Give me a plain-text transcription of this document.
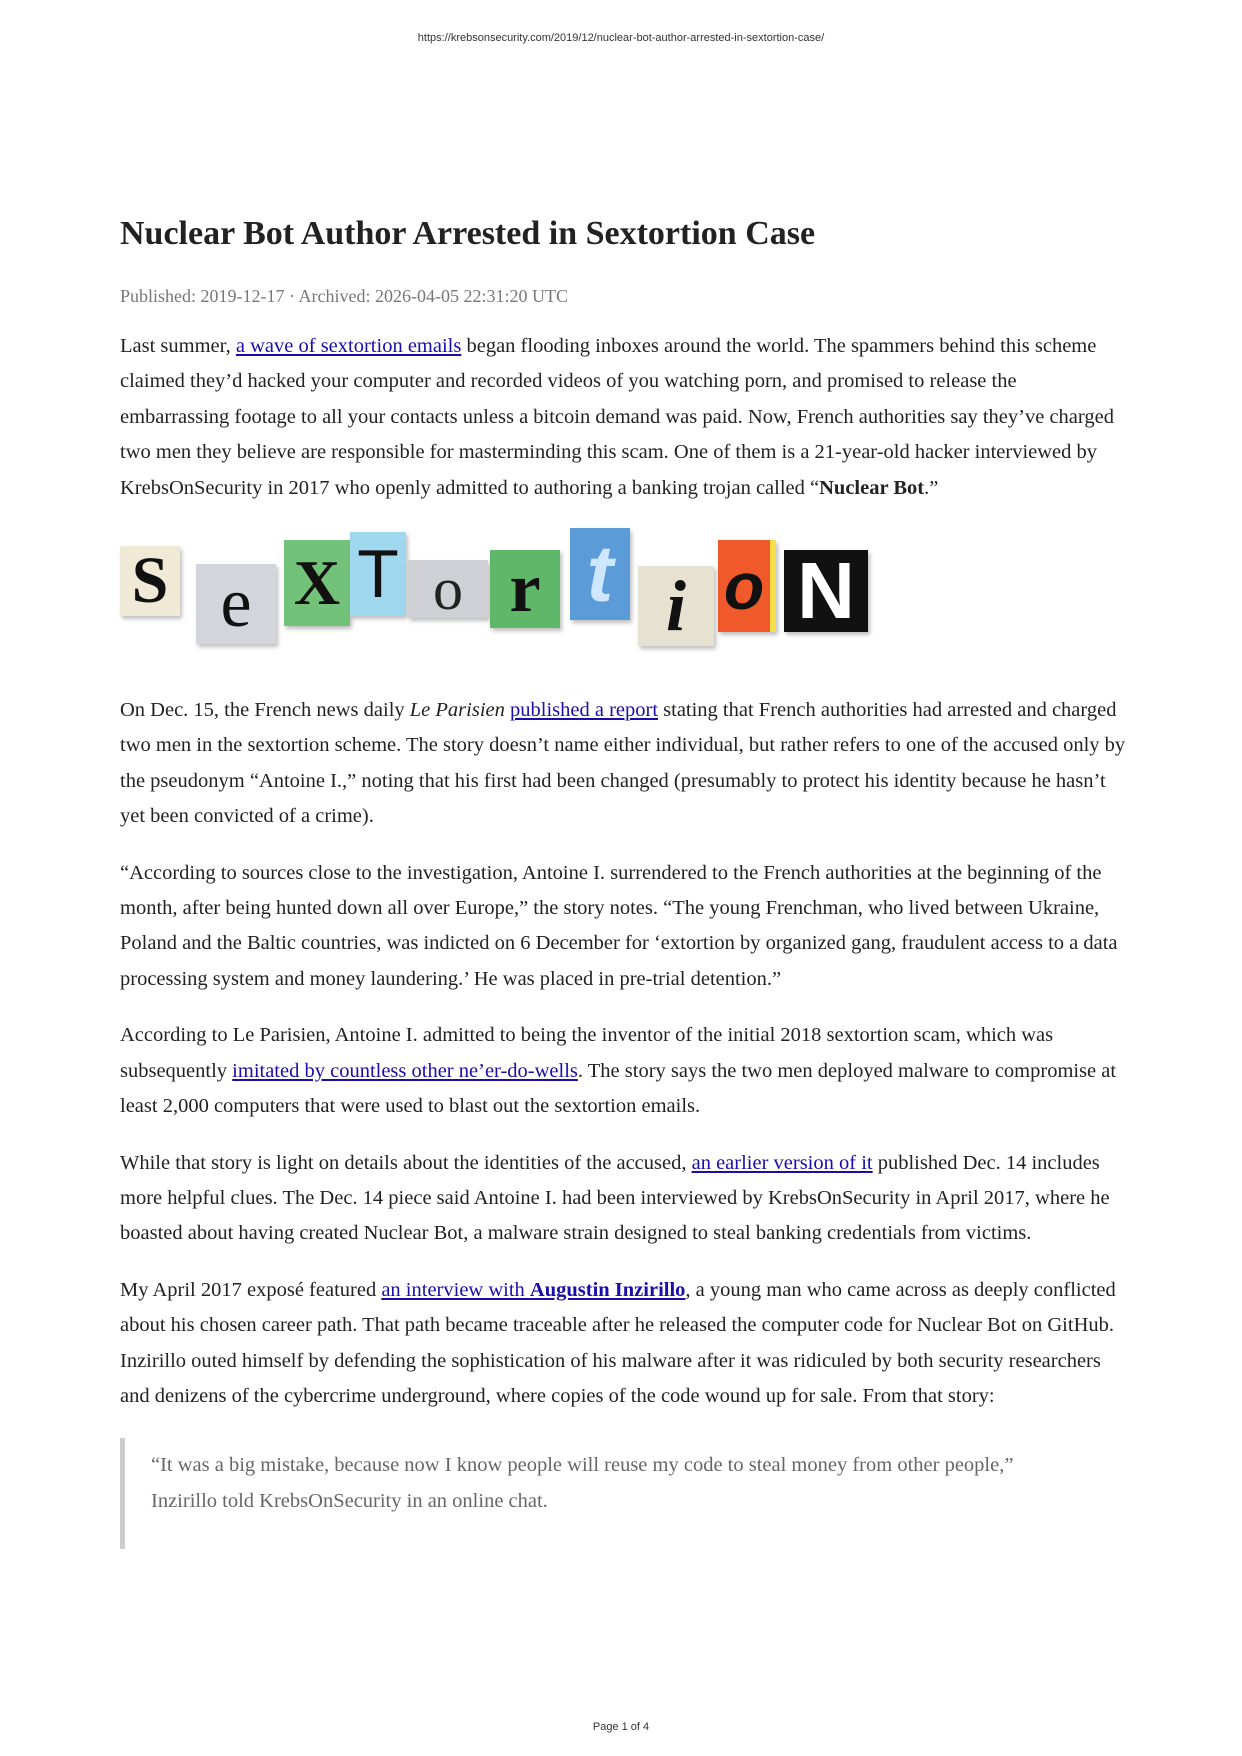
https://krebsonsecurity.com/2019/12/nuclear-bot-author-arrested-in-sextortion-case/
Nuclear Bot Author Arrested in Sextortion Case
Published: 2019-12-17 · Archived: 2026-04-05 22:31:20 UTC

Last summer, a wave of sextortion emails began flooding inboxes around the world. The spammers behind this scheme claimed they’d hacked your computer and recorded videos of you watching porn, and promised to release the embarrassing footage to all your contacts unless a bitcoin demand was paid. Now, French authorities say they’ve charged two men they believe are responsible for masterminding this scam. One of them is a 21-year-old hacker interviewed by KrebsOnSecurity in 2017 who openly admitted to authoring a banking trojan called “Nuclear Bot.”

S e X T o r t i o N

On Dec. 15, the French news daily Le Parisien published a report stating that French authorities had arrested and charged two men in the sextortion scheme. The story doesn’t name either individual, but rather refers to one of the accused only by the pseudonym “Antoine I.,” noting that his first had been changed (presumably to protect his identity because he hasn’t yet been convicted of a crime).

“According to sources close to the investigation, Antoine I. surrendered to the French authorities at the beginning of the month, after being hunted down all over Europe,” the story notes. “The young Frenchman, who lived between Ukraine, Poland and the Baltic countries, was indicted on 6 December for ‘extortion by organized gang, fraudulent access to a data processing system and money laundering.’ He was placed in pre-trial detention.”

According to Le Parisien, Antoine I. admitted to being the inventor of the initial 2018 sextortion scam, which was subsequently imitated by countless other ne’er-do-wells. The story says the two men deployed malware to compromise at least 2,000 computers that were used to blast out the sextortion emails.

While that story is light on details about the identities of the accused, an earlier version of it published Dec. 14 includes more helpful clues. The Dec. 14 piece said Antoine I. had been interviewed by KrebsOnSecurity in April 2017, where he boasted about having created Nuclear Bot, a malware strain designed to steal banking credentials from victims.

My April 2017 exposé featured an interview with Augustin Inzirillo, a young man who came across as deeply conflicted about his chosen career path. That path became traceable after he released the computer code for Nuclear Bot on GitHub. Inzirillo outed himself by defending the sophistication of his malware after it was ridiculed by both security researchers and denizens of the cybercrime underground, where copies of the code wound up for sale. From that story:

“It was a big mistake, because now I know people will reuse my code to steal money from other people,” Inzirillo told KrebsOnSecurity in an online chat.
Page 1 of 4
